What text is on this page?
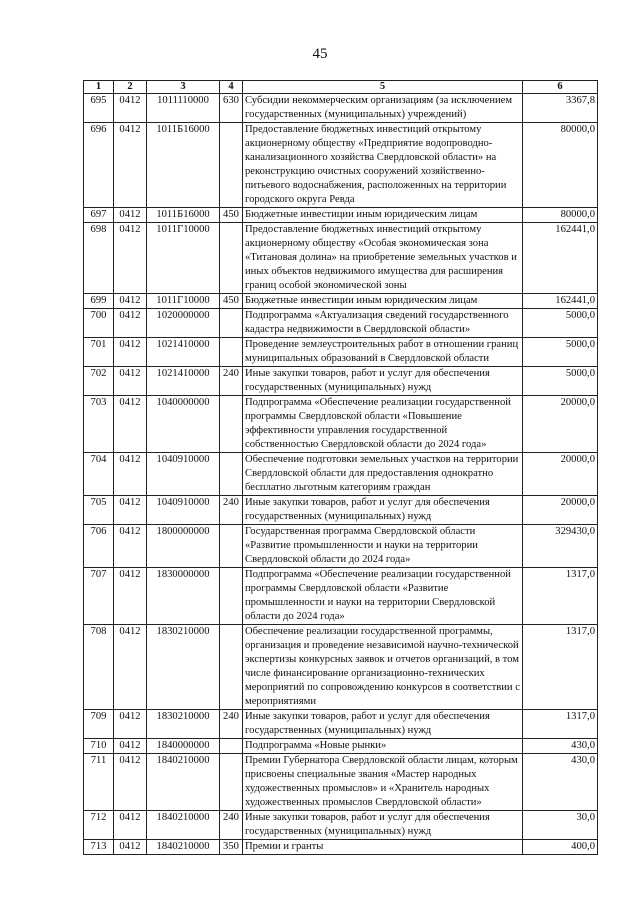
45
1	2	3	4	5	6
695	0412	1011110000	630	Субсидии некоммерческим организациям (за исключением государственных (муниципальных) учреждений)	3367,8
696	0412	1011Б16000		Предоставление бюджетных инвестиций открытому акционерному обществу «Предприятие водопроводно-канализационного хозяйства Свердловской области» на реконструкцию очистных сооружений хозяйственно-питьевого водоснабжения, расположенных на территории городского округа Ревда	80000,0
697	0412	1011Б16000	450	Бюджетные инвестиции иным юридическим лицам	80000,0
698	0412	1011Г10000		Предоставление бюджетных инвестиций открытому акционерному обществу «Особая экономическая зона «Титановая долина» на приобретение земельных участков и иных объектов недвижимого имущества для расширения границ особой экономической зоны	162441,0
699	0412	1011Г10000	450	Бюджетные инвестиции иным юридическим лицам	162441,0
700	0412	1020000000		Подпрограмма «Актуализация сведений государственного кадастра недвижимости в Свердловской области»	5000,0
701	0412	1021410000		Проведение землеустроительных работ в отношении границ муниципальных образований в Свердловской области	5000,0
702	0412	1021410000	240	Иные закупки товаров, работ и услуг для обеспечения государственных (муниципальных) нужд	5000,0
703	0412	1040000000		Подпрограмма «Обеспечение реализации государственной программы Свердловской области «Повышение эффективности управления государственной собственностью Свердловской области до 2024 года»	20000,0
704	0412	1040910000		Обеспечение подготовки земельных участков на территории Свердловской области для предоставления однократно бесплатно льготным категориям граждан	20000,0
705	0412	1040910000	240	Иные закупки товаров, работ и услуг для обеспечения государственных (муниципальных) нужд	20000,0
706	0412	1800000000		Государственная программа Свердловской области «Развитие промышленности и науки на территории Свердловской области до 2024 года»	329430,0
707	0412	1830000000		Подпрограмма «Обеспечение реализации государственной программы Свердловской области «Развитие промышленности и науки на территории Свердловской области до 2024 года»	1317,0
708	0412	1830210000		Обеспечение реализации государственной программы, организация и проведение независимой научно-технической экспертизы конкурсных заявок и отчетов организаций, в том числе финансирование организационно-технических мероприятий по сопровождению конкурсов в соответствии с мероприятиями	1317,0
709	0412	1830210000	240	Иные закупки товаров, работ и услуг для обеспечения государственных (муниципальных) нужд	1317,0
710	0412	1840000000		Подпрограмма «Новые рынки»	430,0
711	0412	1840210000		Премии Губернатора Свердловской области лицам, которым присвоены специальные звания «Мастер народных художественных промыслов» и «Хранитель народных художественных промыслов Свердловской области»	430,0
712	0412	1840210000	240	Иные закупки товаров, работ и услуг для обеспечения государственных (муниципальных) нужд	30,0
713	0412	1840210000	350	Премии и гранты	400,0
